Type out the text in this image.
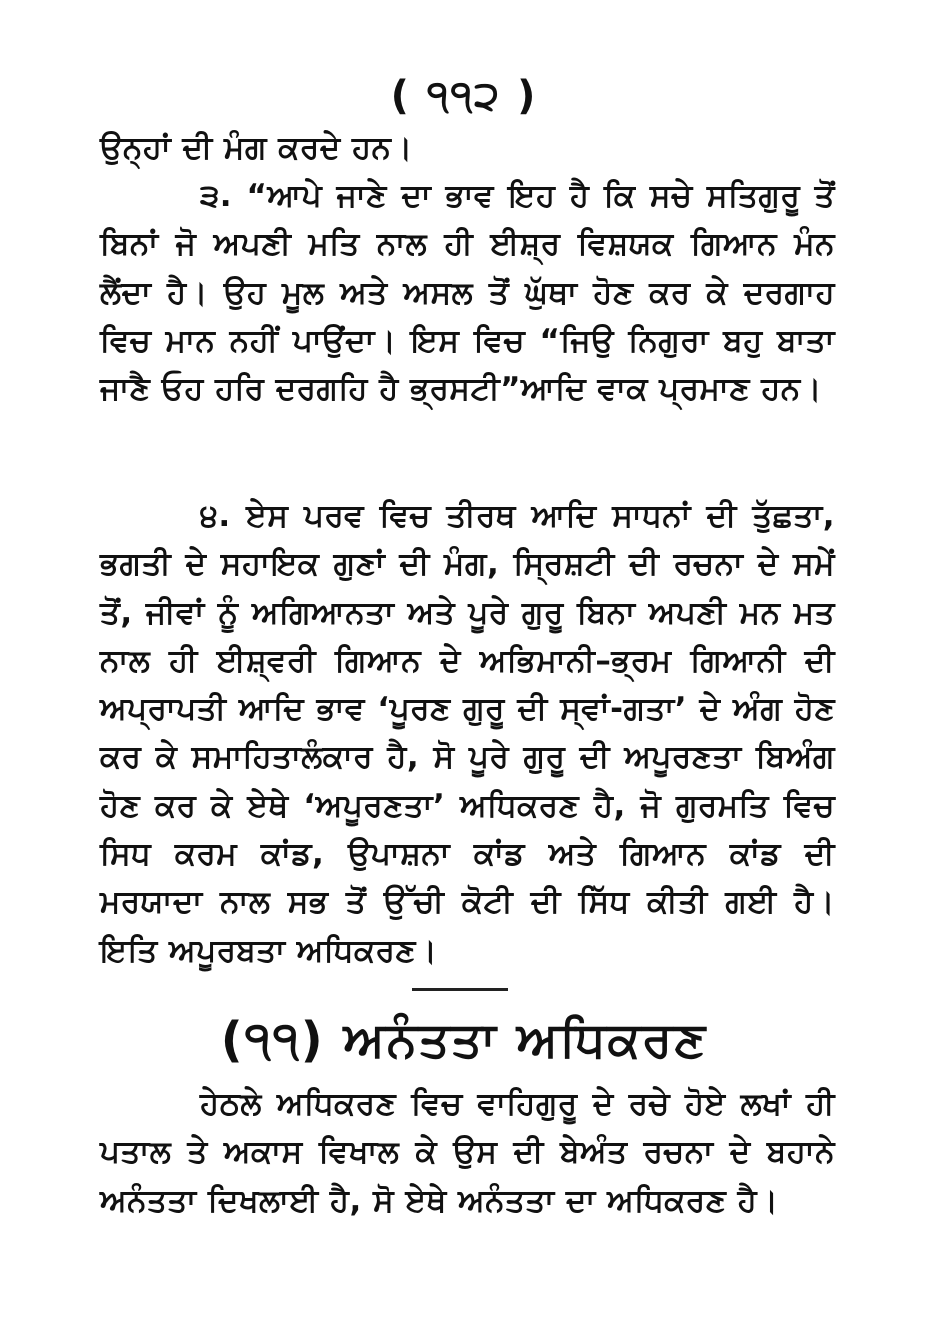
( ੧੧੨ )
ਉਨ੍ਹਾਂ ਦੀ ਮੰਗ ਕਰਦੇ ਹਨ।
੩. “ਆਪੇ ਜਾਣੇ ਦਾ ਭਾਵ ਇਹ ਹੈ ਕਿ ਸਚੇ ਸਤਿਗੁਰੂ ਤੋਂ ਬਿਨਾਂ ਜੋ ਅਪਣੀ ਮਤਿ ਨਾਲ ਹੀ ਈਸ਼੍ਰ ਵਿਸ਼ਯਕ ਗਿਆਨ ਮੰਨ ਲੈਂਦਾ ਹੈ। ਉਹ ਮੂਲ ਅਤੇ ਅਸਲ ਤੋਂ ਘੁੱਥਾ ਹੋਣ ਕਰ ਕੇ ਦਰਗਾਹ ਵਿਚ ਮਾਨ ਨਹੀਂ ਪਾਉਂਦਾ। ਇਸ ਵਿਚ “ਜਿਉ ਨਿਗੁਰਾ ਬਹੁ ਬਾਤਾ ਜਾਣੈ ਓਹ ਹਰਿ ਦਰਗਹਿ ਹੈ ਭ੍ਰਸਟੀ”ਆਦਿ ਵਾਕ ਪ੍ਰਮਾਣ ਹਨ।
੪. ਏਸ ਪਰਵ ਵਿਚ ਤੀਰਥ ਆਦਿ ਸਾਧਨਾਂ ਦੀ ਤੁੱਛਤਾ, ਭਗਤੀ ਦੇ ਸਹਾਇਕ ਗੁਣਾਂ ਦੀ ਮੰਗ, ਸ੍ਰਿਸ਼ਟੀ ਦੀ ਰਚਨਾ ਦੇ ਸਮੇਂ ਤੋਂ, ਜੀਵਾਂ ਨੂੰ ਅਗਿਆਨਤਾ ਅਤੇ ਪੂਰੇ ਗੁਰੂ ਬਿਨਾ ਅਪਣੀ ਮਨ ਮਤ ਨਾਲ ਹੀ ਈਸ਼੍ਵਰੀ ਗਿਆਨ ਦੇ ਅਭਿਮਾਨੀ–ਭ੍ਰਮ ਗਿਆਨੀ ਦੀ ਅਪ੍ਰਾਪਤੀ ਆਦਿ ਭਾਵ ‘ਪੂਰਣ ਗੁਰੂ ਦੀ ਸ੍ਵਾਂ-ਗਤਾ’ ਦੇ ਅੰਗ ਹੋਣ ਕਰ ਕੇ ਸਮਾਹਿਤਾਲੰਕਾਰ ਹੈ, ਸੋ ਪੂਰੇ ਗੁਰੂ ਦੀ ਅਪੂਰਣਤਾ ਬਿਅੰਗ ਹੋਣ ਕਰ ਕੇ ਏਥੇ ‘ਅਪੂਰਣਤਾ’ ਅਧਿਕਰਣ ਹੈ, ਜੋ ਗੁਰਮਤਿ ਵਿਚ ਸਿਧ ਕਰਮ ਕਾਂਡ, ਉਪਾਸ਼ਨਾ ਕਾਂਡ ਅਤੇ ਗਿਆਨ ਕਾਂਡ ਦੀ ਮਰਯਾਦਾ ਨਾਲ ਸਭ ਤੋਂ ਉੱਚੀ ਕੋਟੀ ਦੀ ਸਿੱਧ ਕੀਤੀ ਗਈ ਹੈ। ਇਤਿ ਅਪੂਰਬਤਾ ਅਧਿਕਰਣ।
(੧੧) ਅਨੰਤਤਾ ਅਧਿਕਰਣ
ਹੇਠਲੇ ਅਧਿਕਰਣ ਵਿਚ ਵਾਹਿਗੁਰੂ ਦੇ ਰਚੇ ਹੋਏ ਲਖਾਂ ਹੀ ਪਤਾਲ ਤੇ ਅਕਾਸ ਵਿਖਾਲ ਕੇ ਉਸ ਦੀ ਬੇਅੰਤ ਰਚਨਾ ਦੇ ਬਹਾਨੇ ਅਨੰਤਤਾ ਦਿਖਲਾਈ ਹੈ, ਸੋ ਏਥੇ ਅਨੰਤਤਾ ਦਾ ਅਧਿਕਰਣ ਹੈ।
